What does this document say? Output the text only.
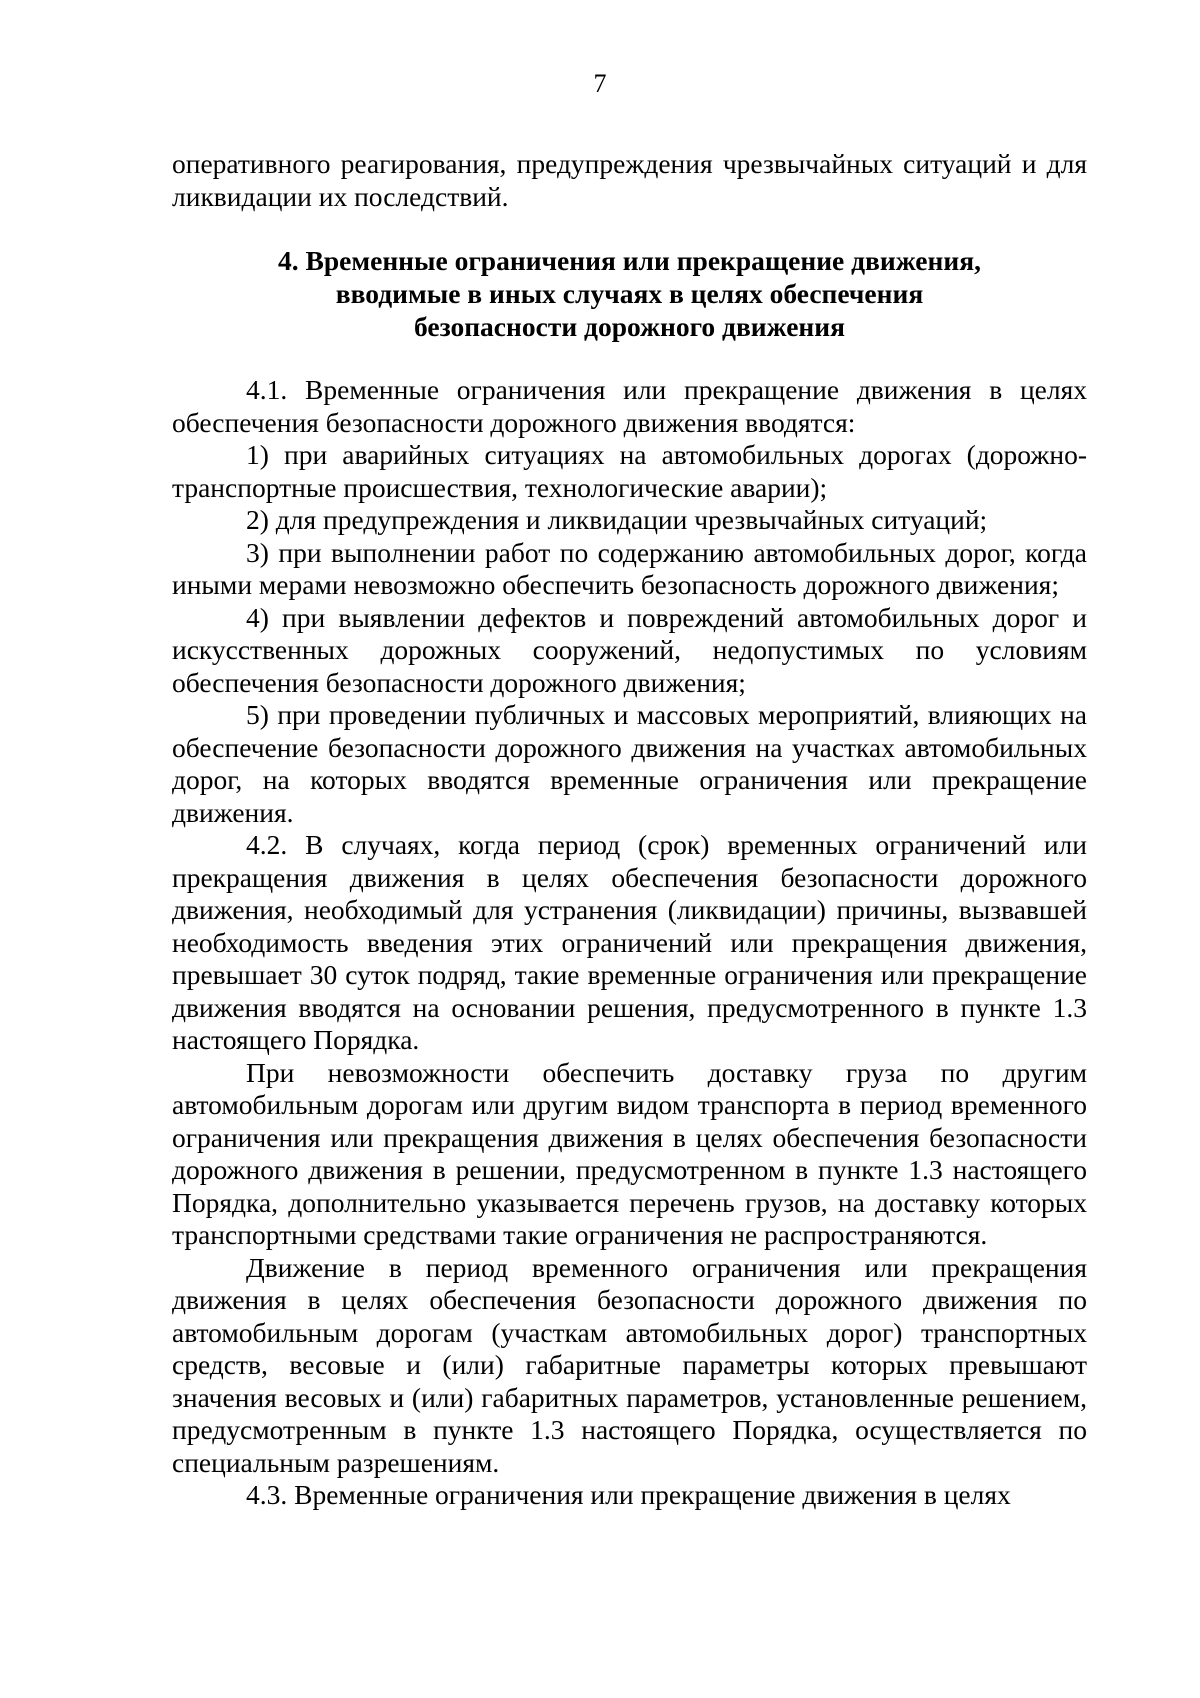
7

оперативного реагирования, предупреждения чрезвычайных ситуаций и для ликвидации их последствий.

4. Временные ограничения или прекращение движения,
вводимые в иных случаях в целях обеспечения
безопасности дорожного движения

4.1. Временные ограничения или прекращение движения в целях обеспечения безопасности дорожного движения вводятся:

1) при аварийных ситуациях на автомобильных дорогах (дорожно-транспортные происшествия, технологические аварии);

2) для предупреждения и ликвидации чрезвычайных ситуаций;

3) при выполнении работ по содержанию автомобильных дорог, когда иными мерами невозможно обеспечить безопасность дорожного движения;

4) при выявлении дефектов и повреждений автомобильных дорог и искусственных дорожных сооружений, недопустимых по условиям обеспечения безопасности дорожного движения;

5) при проведении публичных и массовых мероприятий, влияющих на обеспечение безопасности дорожного движения на участках автомобильных дорог, на которых вводятся временные ограничения или прекращение движения.

4.2. В случаях, когда период (срок) временных ограничений или прекращения движения в целях обеспечения безопасности дорожного движения, необходимый для устранения (ликвидации) причины, вызвавшей необходимость введения этих ограничений или прекращения движения, превышает 30 суток подряд, такие временные ограничения или прекращение движения вводятся на основании решения, предусмотренного в пункте 1.3 настоящего Порядка.

При невозможности обеспечить доставку груза по другим автомобильным дорогам или другим видом транспорта в период временного ограничения или прекращения движения в целях обеспечения безопасности дорожного движения в решении, предусмотренном в пункте 1.3 настоящего Порядка, дополнительно указывается перечень грузов, на доставку которых транспортными средствами такие ограничения не распространяются.

Движение в период временного ограничения или прекращения движения в целях обеспечения безопасности дорожного движения по автомобильным дорогам (участкам автомобильных дорог) транспортных средств, весовые и (или) габаритные параметры которых превышают значения весовых и (или) габаритных параметров, установленные решением, предусмотренным в пункте 1.3 настоящего Порядка, осуществляется по специальным разрешениям.

4.3. Временные ограничения или прекращение движения в целях
